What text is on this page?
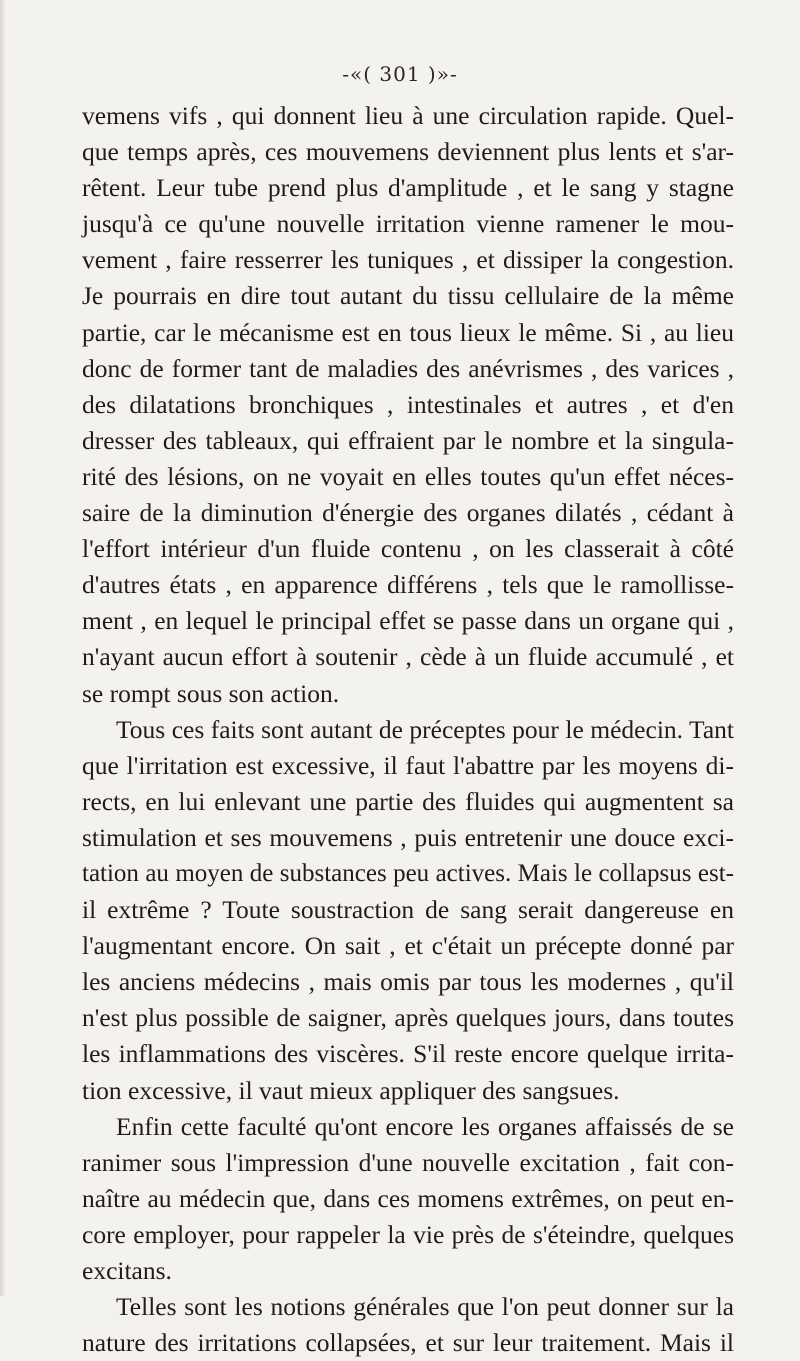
-«( 301 )»-
vemens vifs , qui donnent lieu à une circulation rapide. Quel-
que temps après, ces mouvemens deviennent plus lents et s'ar-
rêtent. Leur tube prend plus d'amplitude , et le sang y stagne
jusqu'à ce qu'une nouvelle irritation vienne ramener le mou-
vement , faire resserrer les tuniques , et dissiper la congestion.
Je pourrais en dire tout autant du tissu cellulaire de la même
partie, car le mécanisme est en tous lieux le même. Si , au lieu
donc de former tant de maladies des anévrismes , des varices ,
des dilatations bronchiques , intestinales et autres , et d'en
dresser des tableaux, qui effraient par le nombre et la singula-
rité des lésions, on ne voyait en elles toutes qu'un effet néces-
saire de la diminution d'énergie des organes dilatés , cédant à
l'effort intérieur d'un fluide contenu , on les classerait à côté
d'autres états , en apparence différens , tels que le ramollisse-
ment , en lequel le principal effet se passe dans un organe qui ,
n'ayant aucun effort à soutenir , cède à un fluide accumulé , et
se rompt sous son action.
Tous ces faits sont autant de préceptes pour le médecin. Tant
que l'irritation est excessive, il faut l'abattre par les moyens di-
rects, en lui enlevant une partie des fluides qui augmentent sa
stimulation et ses mouvemens , puis entretenir une douce exci-
tation au moyen de substances peu actives. Mais le collapsus est-
il extrême ? Toute soustraction de sang serait dangereuse en
l'augmentant encore. On sait , et c'était un précepte donné par
les anciens médecins , mais omis par tous les modernes , qu'il
n'est plus possible de saigner, après quelques jours, dans toutes
les inflammations des viscères. S'il reste encore quelque irrita-
tion excessive, il vaut mieux appliquer des sangsues.
Enfin cette faculté qu'ont encore les organes affaissés de se
ranimer sous l'impression d'une nouvelle excitation , fait con-
naître au médecin que, dans ces momens extrêmes, on peut en-
core employer, pour rappeler la vie près de s'éteindre, quelques
excitans.
Telles sont les notions générales que l'on peut donner sur la
nature des irritations collapsées, et sur leur traitement. Mais il
